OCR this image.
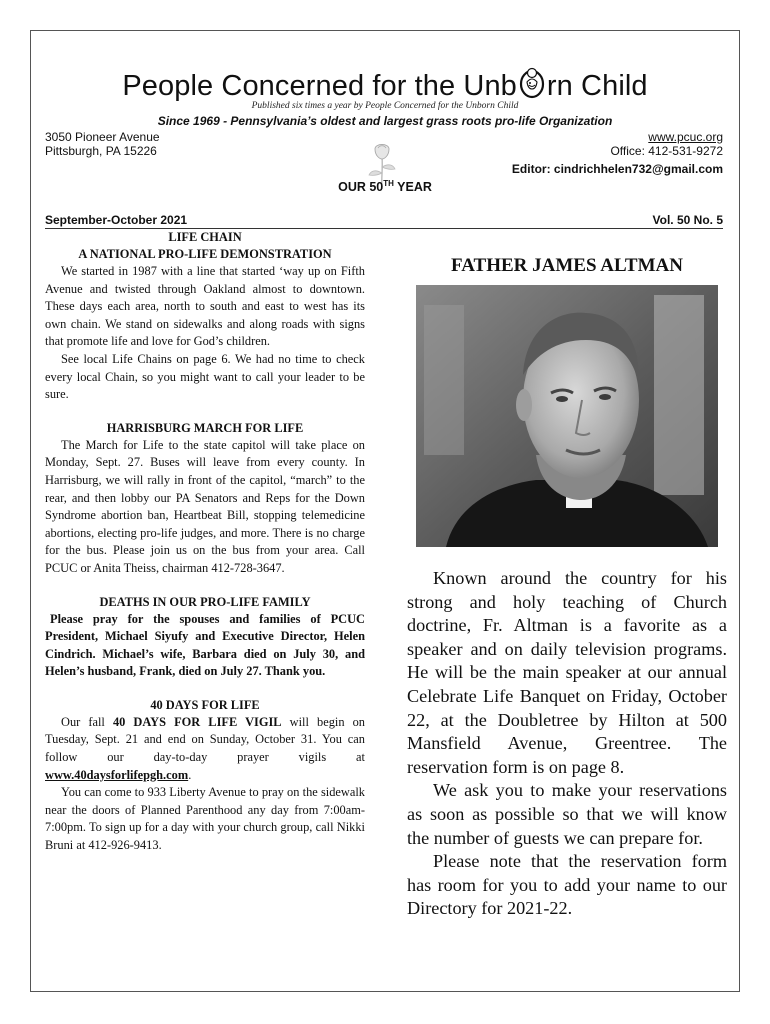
People Concerned for the Unb rn Child
Published six times a year by People Concerned for the Unborn Child
Since 1969 - Pennsylvania’s oldest and largest grass roots pro-life Organization
3050 Pioneer Avenue
Pittsburgh, PA 15226
www.pcuc.org
Office: 412-531-9272
Editor: cindrichhelen732@gmail.com
OUR 50TH YEAR
September-October 2021	Vol. 50 No. 5
LIFE CHAIN
A NATIONAL PRO-LIFE DEMONSTRATION

We started in 1987 with a line that started ‘way up on Fifth Avenue and twisted through Oakland almost to downtown. These days each area, north to south and east to west has its own chain. We stand on sidewalks and along roads with signs that promote life and love for God’s children.

See local Life Chains on page 6. We had no time to check every local Chain, so you might want to call your leader to be sure.

HARRISBURG MARCH FOR LIFE

The March for Life to the state capitol will take place on Monday, Sept. 27. Buses will leave from every county. In Harrisburg, we will rally in front of the capitol, “march” to the rear, and then lobby our PA Senators and Reps for the Down Syndrome abortion ban, Heartbeat Bill, stopping telemedicine abortions, electing pro-life judges, and more. There is no charge for the bus. Please join us on the bus from your area. Call PCUC or Anita Theiss, chairman 412-728-3647.

DEATHS IN OUR PRO-LIFE FAMILY

Please pray for the spouses and families of PCUC President, Michael Siyufy and Executive Director, Helen Cindrich. Michael’s wife, Barbara died on July 30, and Helen’s husband, Frank, died on July 27. Thank you.

40 DAYS FOR LIFE

Our fall 40 DAYS FOR LIFE VIGIL will begin on Tuesday, Sept. 21 and end on Sunday, October 31. You can follow our day-to-day prayer vigils at www.40daysforlifepgh.com.

You can come to 933 Liberty Avenue to pray on the sidewalk near the doors of Planned Parenthood any day from 7:00am-7:00pm. To sign up for a day with your church group, call Nikki Bruni at 412-926-9413.

FATHER JAMES ALTMAN

Known around the country for his strong and holy teaching of Church doctrine, Fr. Altman is a favorite as a speaker and on daily television programs. He will be the main speaker at our annual Celebrate Life Banquet on Friday, October 22, at the Doubletree by Hilton at 500 Mansfield Avenue, Greentree. The reservation form is on page 8.

We ask you to make your reservations as soon as possible so that we will know the number of guests we can prepare for.

Please note that the reservation form has room for you to add your name to our Directory for 2021-22.
